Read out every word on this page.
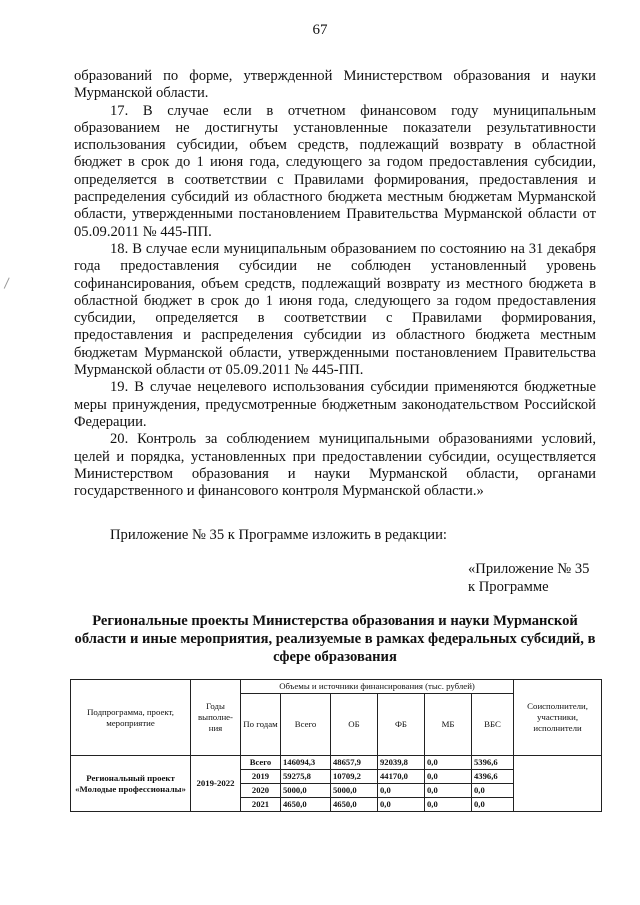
67

образований по форме, утвержденной Министерством образования и науки Мурманской области.

17. В случае если в отчетном финансовом году муниципальным образованием не достигнуты установленные показатели результативности использования субсидии, объем средств, подлежащий возврату в областной бюджет в срок до 1 июня года, следующего за годом предоставления субсидии, определяется в соответствии с Правилами формирования, предоставления и распределения субсидий из областного бюджета местным бюджетам Мурманской области, утвержденными постановлением Правительства Мурманской области от 05.09.2011 № 445-ПП.

18. В случае если муниципальным образованием по состоянию на 31 декабря года предоставления субсидии не соблюден установленный уровень софинансирования, объем средств, подлежащий возврату из местного бюджета в областной бюджет в срок до 1 июня года, следующего за годом предоставления субсидии, определяется в соответствии с Правилами формирования, предоставления и распределения субсидии из областного бюджета местным бюджетам Мурманской области, утвержденными постановлением Правительства Мурманской области от 05.09.2011 № 445-ПП.

19. В случае нецелевого использования субсидии применяются бюджетные меры принуждения, предусмотренные бюджетным законодательством Российской Федерации.

20. Контроль за соблюдением муниципальными образованиями условий, целей и порядка, установленных при предоставлении субсидии, осуществляется Министерством образования и науки Мурманской области, органами государственного и финансового контроля Мурманской области.»

Приложение № 35 к Программе изложить в редакции:
«Приложение № 35
к Программе
Региональные проекты Министерства образования и науки Мурманской области и иные мероприятия, реализуемые в рамках федеральных субсидий, в сфере образования
Подпрограмма, проект, мероприятие	Годы выполне-ния	Объемы и источники финансирования (тыс. рублей)						Соисполнители, участники, исполнители
		По годам	Всего	ОБ	ФБ	МБ	ВБС	
Региональный проект «Молодые профессионалы»	2019-2022	Всего	146094,3	48657,9	92039,8	0,0	5396,6	
		2019	59275,8	10709,2	44170,0	0,0	4396,6	
		2020	5000,0	5000,0	0,0	0,0	0,0	
		2021	4650,0	4650,0	0,0	0,0	0,0	
